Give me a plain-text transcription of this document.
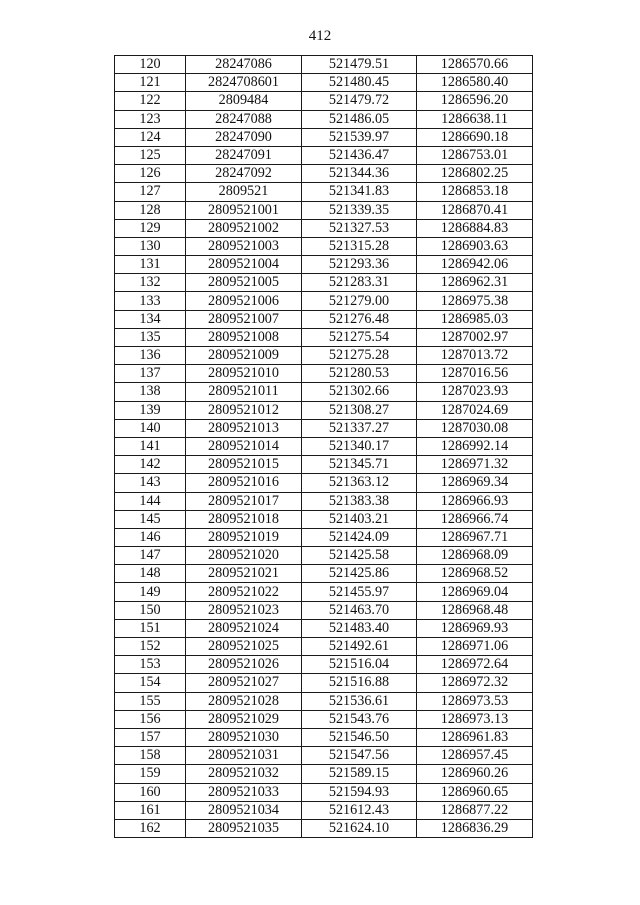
412
120	28247086	521479.51	1286570.66
121	2824708601	521480.45	1286580.40
122	2809484	521479.72	1286596.20
123	28247088	521486.05	1286638.11
124	28247090	521539.97	1286690.18
125	28247091	521436.47	1286753.01
126	28247092	521344.36	1286802.25
127	2809521	521341.83	1286853.18
128	2809521001	521339.35	1286870.41
129	2809521002	521327.53	1286884.83
130	2809521003	521315.28	1286903.63
131	2809521004	521293.36	1286942.06
132	2809521005	521283.31	1286962.31
133	2809521006	521279.00	1286975.38
134	2809521007	521276.48	1286985.03
135	2809521008	521275.54	1287002.97
136	2809521009	521275.28	1287013.72
137	2809521010	521280.53	1287016.56
138	2809521011	521302.66	1287023.93
139	2809521012	521308.27	1287024.69
140	2809521013	521337.27	1287030.08
141	2809521014	521340.17	1286992.14
142	2809521015	521345.71	1286971.32
143	2809521016	521363.12	1286969.34
144	2809521017	521383.38	1286966.93
145	2809521018	521403.21	1286966.74
146	2809521019	521424.09	1286967.71
147	2809521020	521425.58	1286968.09
148	2809521021	521425.86	1286968.52
149	2809521022	521455.97	1286969.04
150	2809521023	521463.70	1286968.48
151	2809521024	521483.40	1286969.93
152	2809521025	521492.61	1286971.06
153	2809521026	521516.04	1286972.64
154	2809521027	521516.88	1286972.32
155	2809521028	521536.61	1286973.53
156	2809521029	521543.76	1286973.13
157	2809521030	521546.50	1286961.83
158	2809521031	521547.56	1286957.45
159	2809521032	521589.15	1286960.26
160	2809521033	521594.93	1286960.65
161	2809521034	521612.43	1286877.22
162	2809521035	521624.10	1286836.29
